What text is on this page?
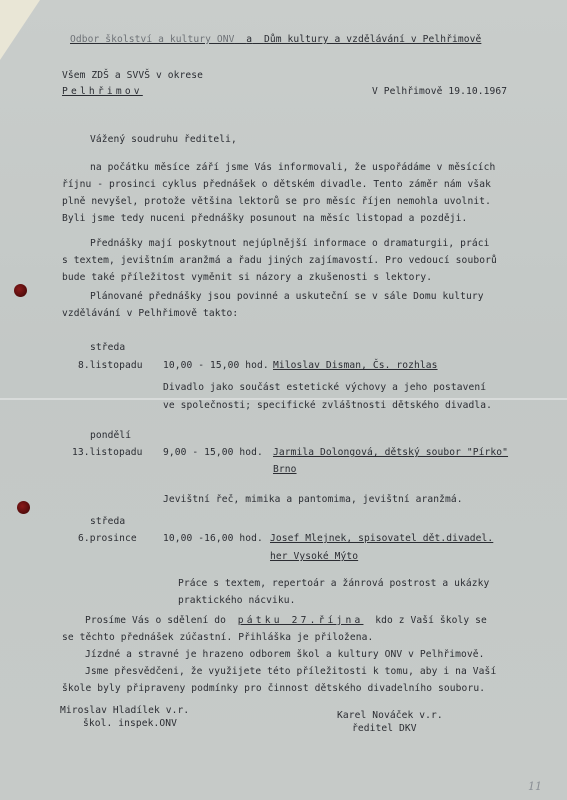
Odbor školství a kultury ONV a Dům kultury a vzdělávání v Pelhřimově
Všem ZDŠ a SVVŠ v okrese
Pelhřimov	V Pelhřimově 19.10.1967
Vážený soudruhu řediteli,
na počátku měsíce září jsme Vás informovali, že uspořádáme v měsících
říjnu - prosinci cyklus přednášek o dětském divadle. Tento záměr nám však
plně nevyšel, protože většina lektorů se pro měsíc říjen nemohla uvolnit.
Byli jsme tedy nuceni přednášky posunout na měsíc listopad a později.
Přednášky mají poskytnout nejúplnější informace o dramaturgii, práci
s textem, jevištním aranžmá a řadu jiných zajímavostí. Pro vedoucí souborů
bude také příležitost vyměnit si názory a zkušenosti s lektory.
Plánované přednášky jsou povinné a uskuteční se v sále Domu kultury
vzdělávání v Pelhřimově takto:
středa
8.listopadu 10,00 - 15,00 hod. Miloslav Disman, Čs. rozhlas
Divadlo jako součást estetické výchovy a jeho postavení
ve společnosti; specifické zvláštnosti dětského divadla.
pondělí
13.listopadu 9,00 - 15,00 hod. Jarmila Dolongová, dětský soubor "Pírko"
Brno
Jevištní řeč, mimika a pantomima, jevištní aranžmá.
středa
6.prosince	10,00 -16,00 hod. Josef Mlejnek, spisovatel dět.divadel.
her Vysoké Mýto
Práce s textem, repertoár a žánrová postrost a ukázky
praktického nácviku.
Prosíme Vás o sdělení do pátku 27.října kdo z Vaší školy se
se těchto přednášek zúčastní. Přihláška je přiložena.
Jízdné a stravné je hrazeno odborem škol a kultury ONV v Pelhřimově.
Jsme přesvědčeni, že využijete této příležitosti k tomu, aby i na Vaší
škole byly připraveny podmínky pro činnost dětského divadelního souboru.
Miroslav Hladílek v.r.
škol. inspek.ONV
Karel Nováček v.r.
ředitel DKV
11
